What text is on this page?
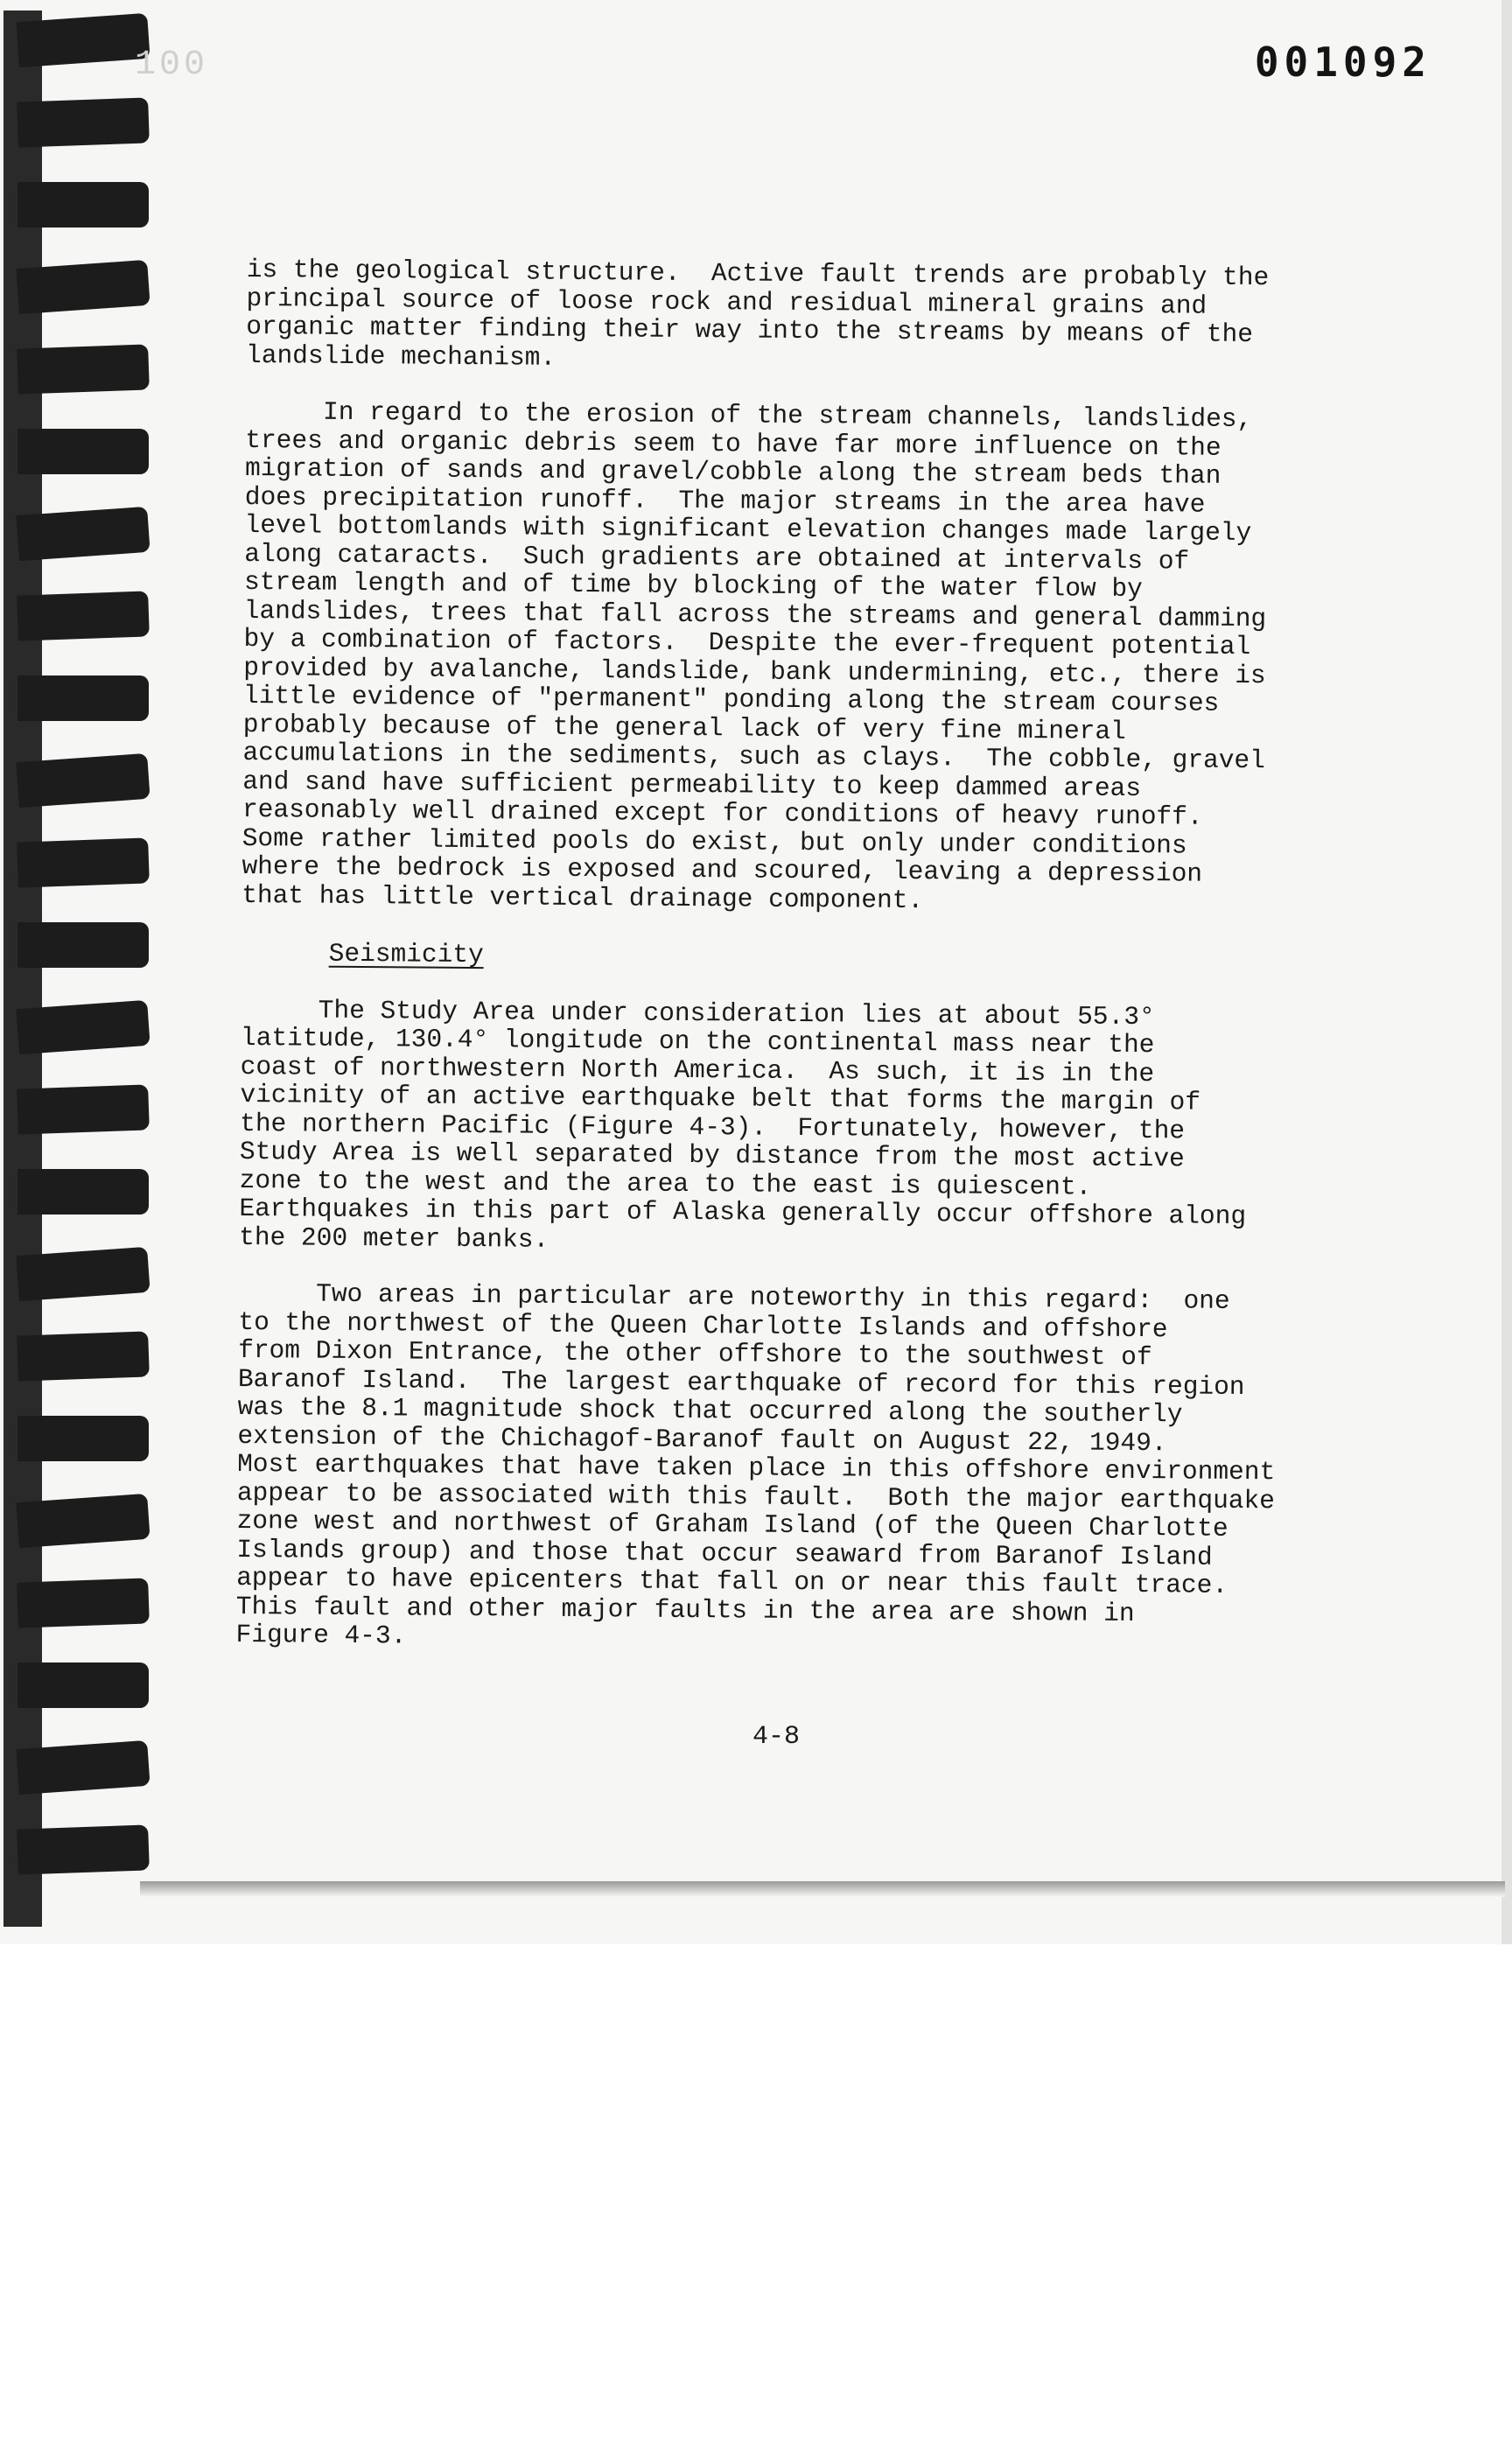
100	001092
is the geological structure.  Active fault trends are probably the
principal source of loose rock and residual mineral grains and
organic matter finding their way into the streams by means of the
landslide mechanism.
In regard to the erosion of the stream channels, landslides,
trees and organic debris seem to have far more influence on the
migration of sands and gravel/cobble along the stream beds than
does precipitation runoff.  The major streams in the area have
level bottomlands with significant elevation changes made largely
along cataracts.  Such gradients are obtained at intervals of
stream length and of time by blocking of the water flow by
landslides, trees that fall across the streams and general damming
by a combination of factors.  Despite the ever-frequent potential
provided by avalanche, landslide, bank undermining, etc., there is
little evidence of "permanent" ponding along the stream courses
probably because of the general lack of very fine mineral
accumulations in the sediments, such as clays.  The cobble, gravel
and sand have sufficient permeability to keep dammed areas
reasonably well drained except for conditions of heavy runoff.
Some rather limited pools do exist, but only under conditions
where the bedrock is exposed and scoured, leaving a depression
that has little vertical drainage component.
Seismicity
The Study Area under consideration lies at about 55.3°
latitude, 130.4° longitude on the continental mass near the
coast of northwestern North America.  As such, it is in the
vicinity of an active earthquake belt that forms the margin of
the northern Pacific (Figure 4-3).  Fortunately, however, the
Study Area is well separated by distance from the most active
zone to the west and the area to the east is quiescent.
Earthquakes in this part of Alaska generally occur offshore along
the 200 meter banks.
Two areas in particular are noteworthy in this regard:  one
to the northwest of the Queen Charlotte Islands and offshore
from Dixon Entrance, the other offshore to the southwest of
Baranof Island.  The largest earthquake of record for this region
was the 8.1 magnitude shock that occurred along the southerly
extension of the Chichagof-Baranof fault on August 22, 1949.
Most earthquakes that have taken place in this offshore environment
appear to be associated with this fault.  Both the major earthquake
zone west and northwest of Graham Island (of the Queen Charlotte
Islands group) and those that occur seaward from Baranof Island
appear to have epicenters that fall on or near this fault trace.
This fault and other major faults in the area are shown in
Figure 4-3.
4-8
